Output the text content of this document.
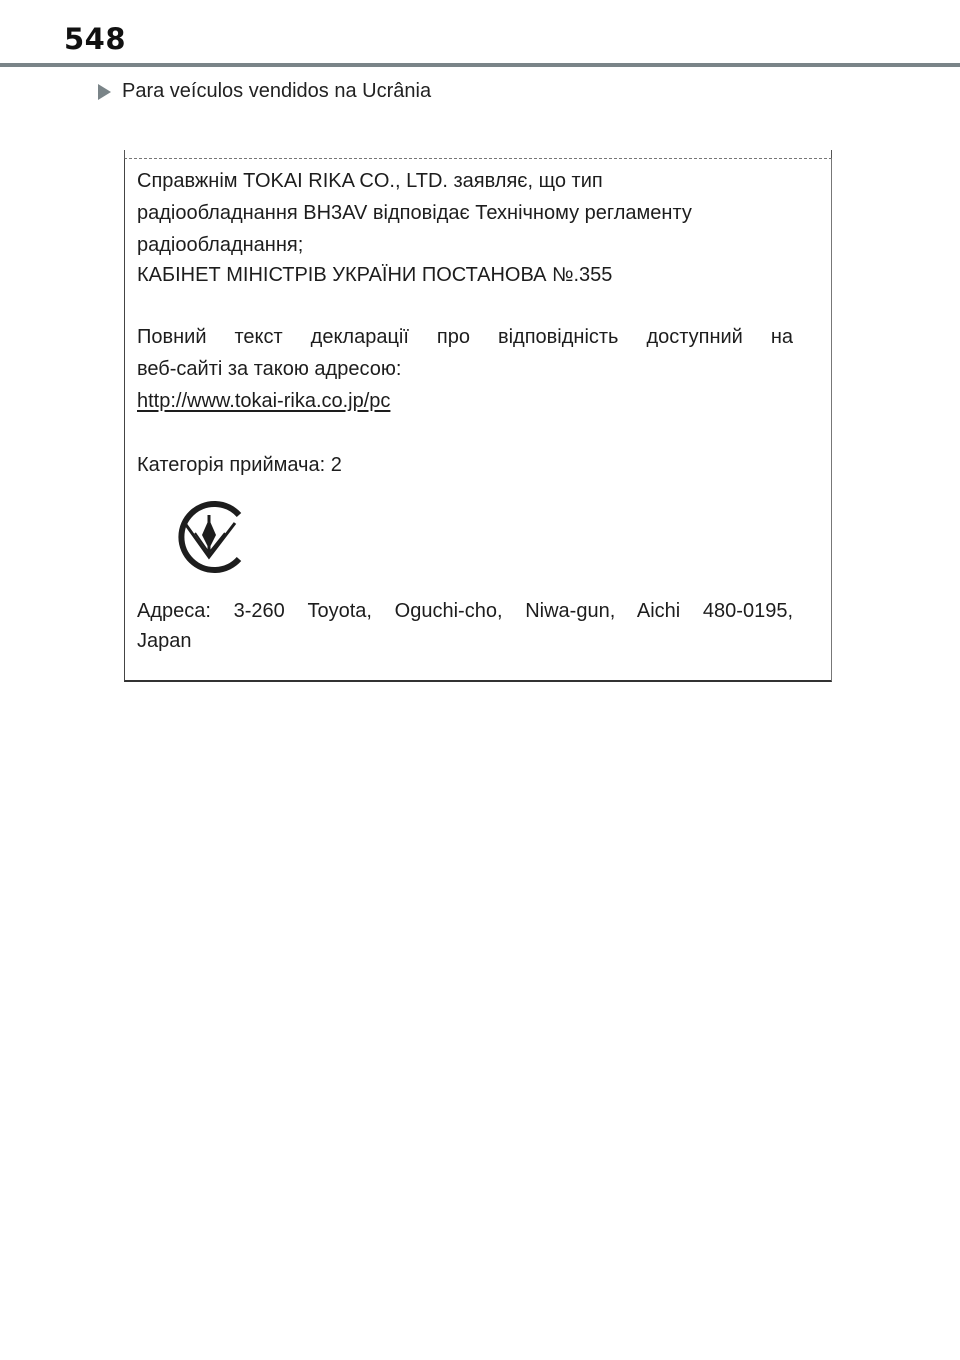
548
Para veículos vendidos na Ucrânia
Справжнім TOKAI RIKA CO., LTD. заявляє, що тип
радіообладнання BH3AV відповідає Технічному регламенту
радіообладнання;
КАБІНЕТ МІНІСТРІВ УКРАЇНИ ПОСТАНОВА №.355
Повний текст декларації про відповідність доступний на
веб-сайті за такою адресою:
http://www.tokai-rika.co.jp/pc
Категорія приймача: 2
Адреса: 3-260 Toyota, Oguchi-cho, Niwa-gun, Aichi 480-0195,
Japan
